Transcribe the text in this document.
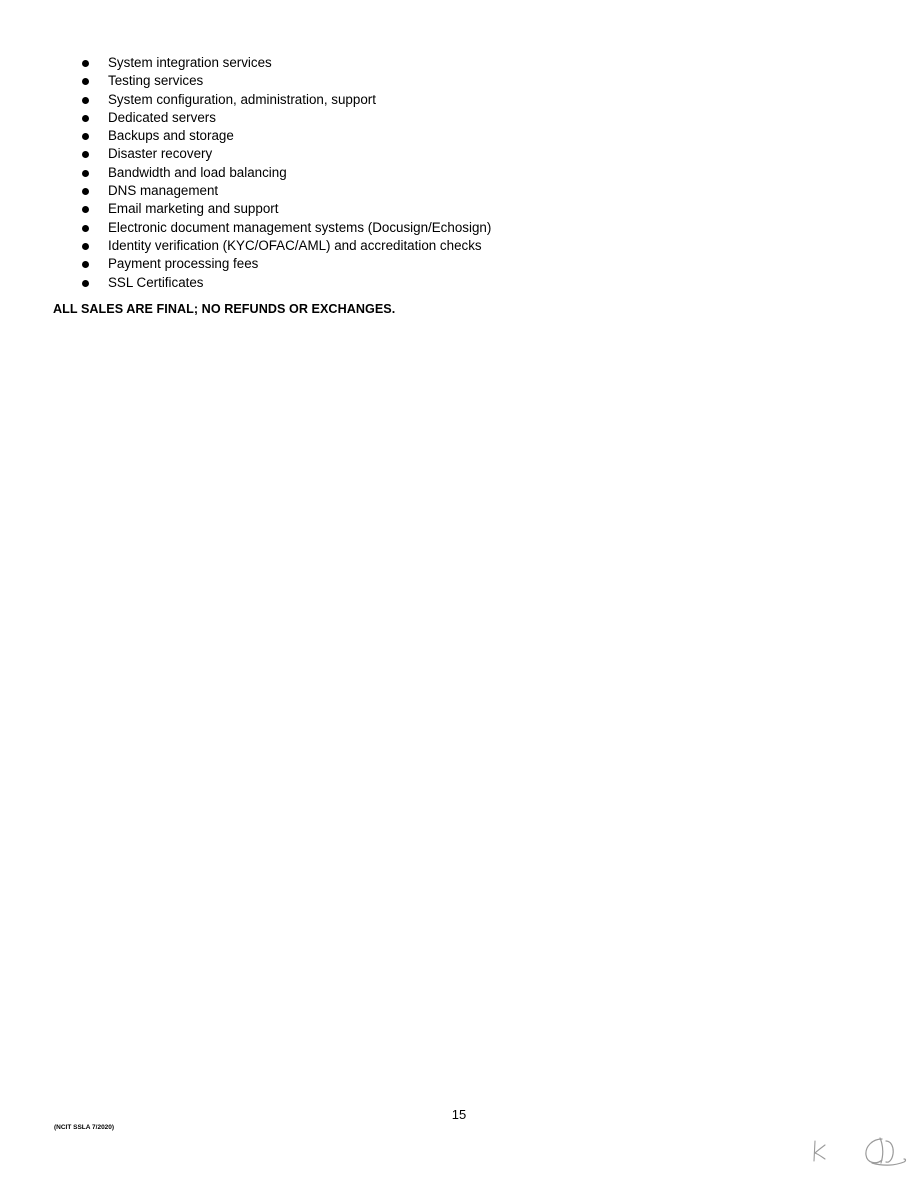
System integration services
Testing services
System configuration, administration, support
Dedicated servers
Backups and storage
Disaster recovery
Bandwidth and load balancing
DNS management
Email marketing and support
Electronic document management systems (Docusign/Echosign)
Identity verification (KYC/OFAC/AML) and accreditation checks
Payment processing fees
SSL Certificates
ALL SALES ARE FINAL; NO REFUNDS OR EXCHANGES.
15
(NCIT SSLA 7/2020)
